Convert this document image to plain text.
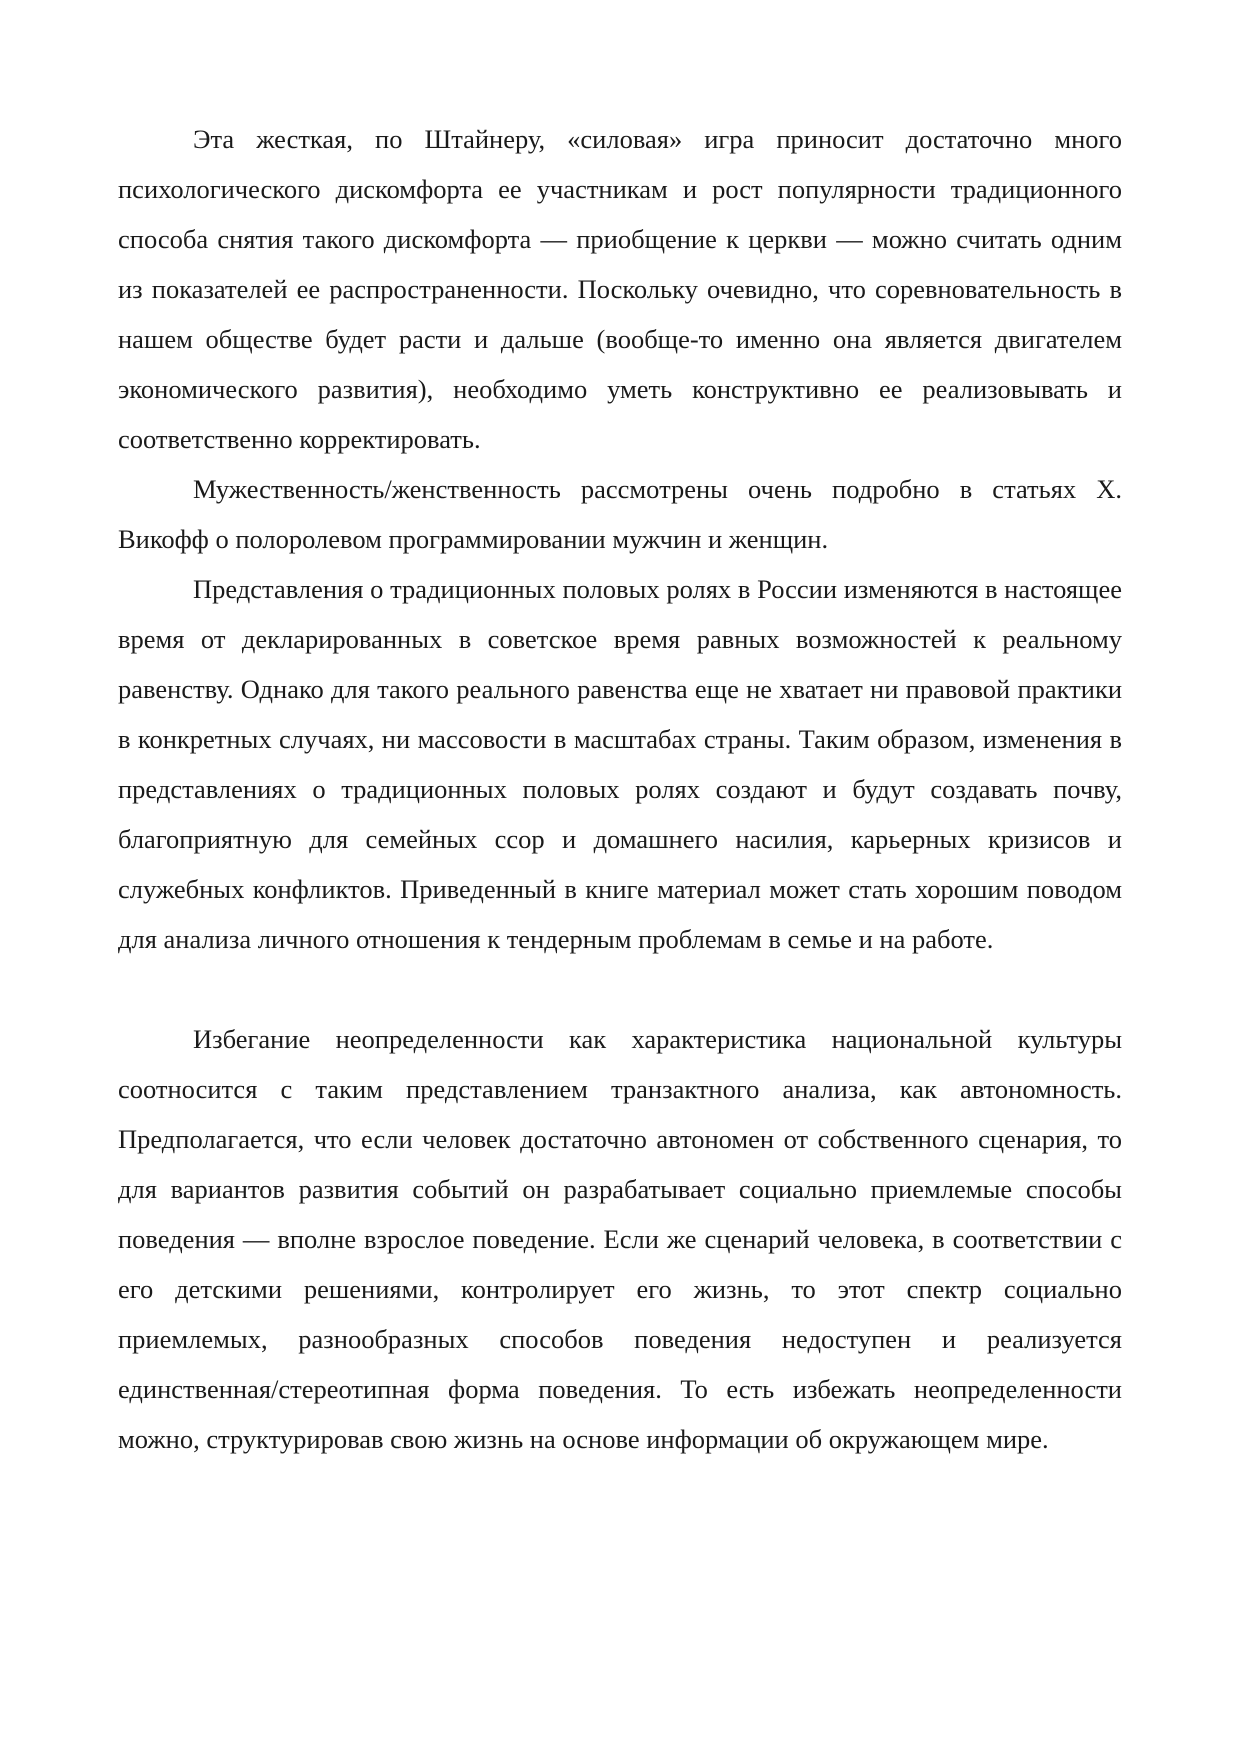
Эта жесткая, по Штайнеру, «силовая» игра приносит достаточно много психологического дискомфорта ее участникам и рост популярности традиционного способа снятия такого дискомфорта — приобщение к церкви — можно считать одним из показателей ее распространенности. Поскольку очевидно, что соревновательность в нашем обществе будет расти и дальше (вообще-то именно она является двигателем экономического развития), необходимо уметь конструктивно ее реализовывать и соответственно корректировать.

Мужественность/женственность рассмотрены очень подробно в статьях X. Викофф о полоролевом программировании мужчин и женщин.

Представления о традиционных половых ролях в России изменяются в настоящее время от декларированных в советское время равных возможностей к реальному равенству. Однако для такого реального равенства еще не хватает ни правовой практики в конкретных случаях, ни массовости в масштабах страны. Таким образом, изменения в представлениях о традиционных половых ролях создают и будут создавать почву, благоприятную для семейных ссор и домашнего насилия, карьерных кризисов и служебных конфликтов. Приведенный в книге материал может стать хорошим поводом для анализа личного отношения к тендерным проблемам в семье и на работе.

Избегание неопределенности как характеристика национальной культуры соотносится с таким представлением транзактного анализа, как автономность. Предполагается, что если человек достаточно автономен от собственного сценария, то для вариантов развития событий он разрабатывает социально приемлемые способы поведения — вполне взрослое поведение. Если же сценарий человека, в соответствии с его детскими решениями, контролирует его жизнь, то этот спектр социально приемлемых, разнообразных способов поведения недоступен и реализуется единственная/стереотипная форма поведения. То есть избежать неопределенности можно, структурировав свою жизнь на основе информации об окружающем мире.
